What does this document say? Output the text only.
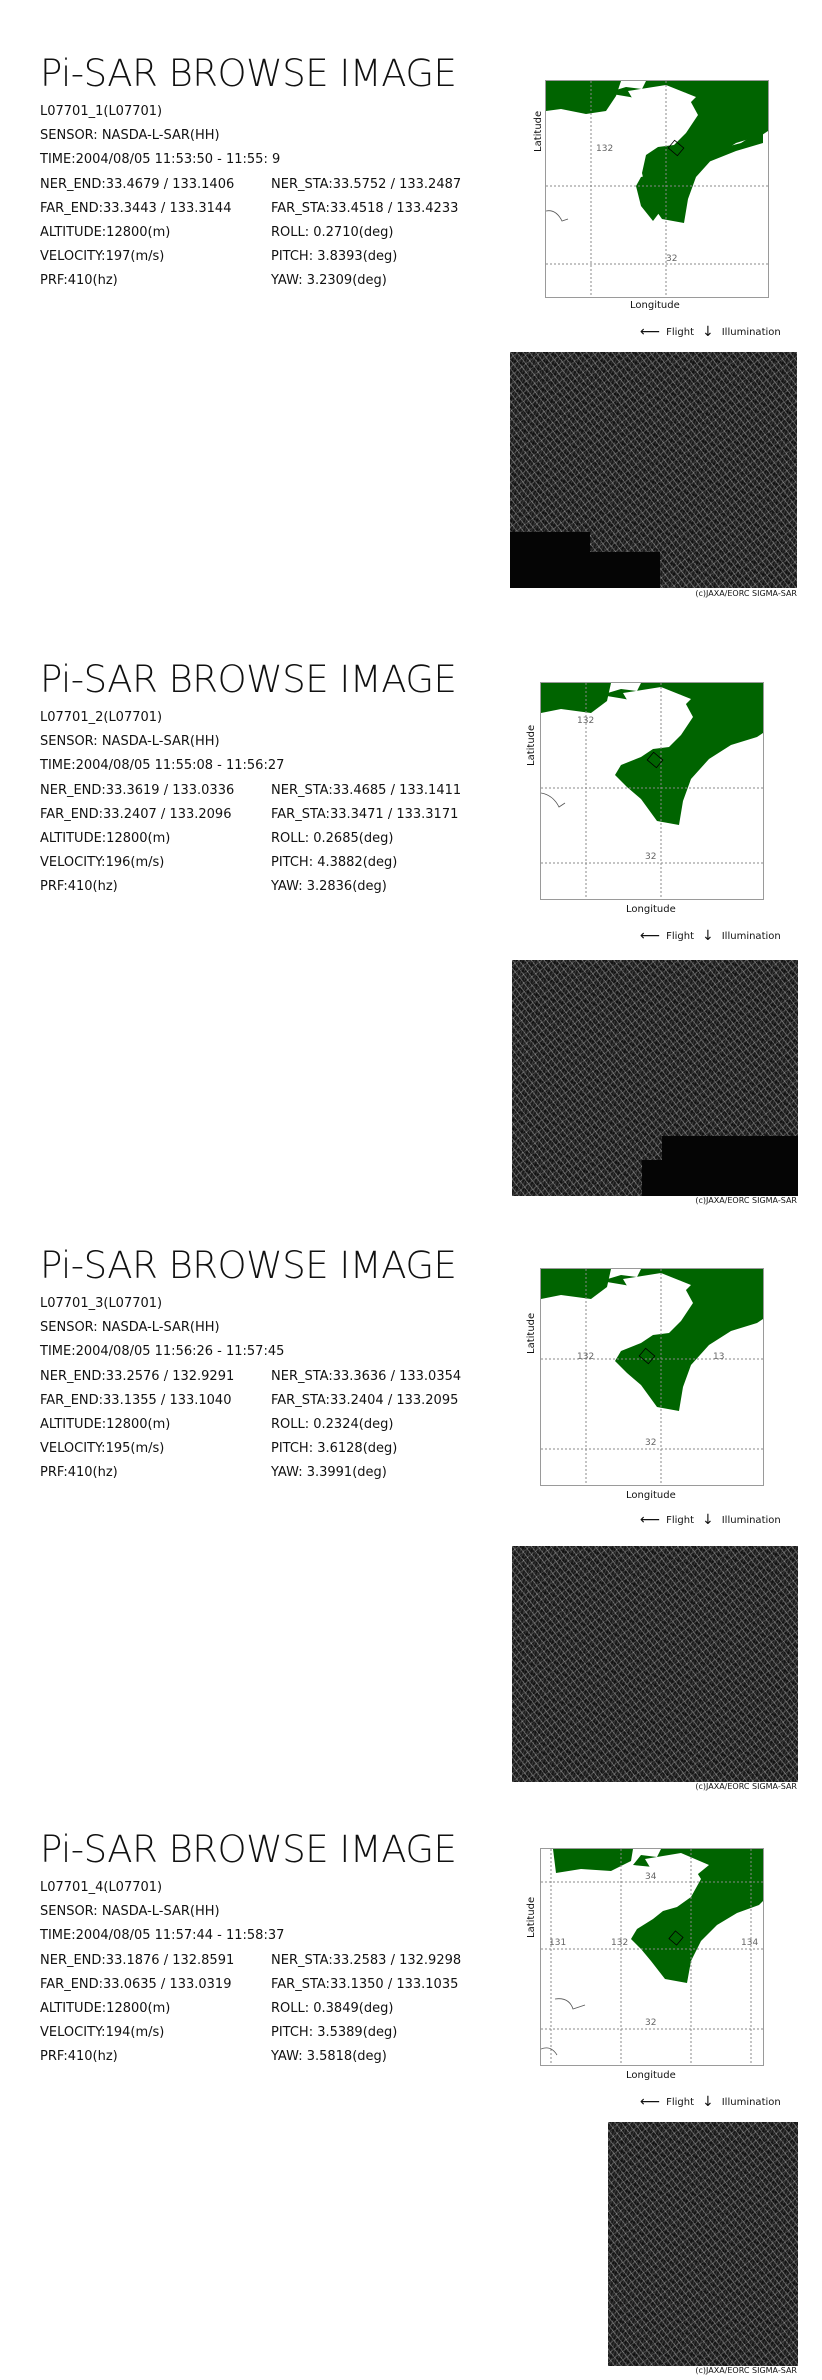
Pi-SAR BROWSE IMAGE
L07701_1(L07701)
SENSOR: NASDA-L-SAR(HH)
TIME:2004/08/05 11:53:50 - 11:55: 9
NER_END:33.4679 / 133.1406	NER_STA:33.5752 / 133.2487
FAR_END:33.3443 / 133.3144	FAR_STA:33.4518 / 133.4233
ALTITUDE:12800(m)	ROLL: 0.2710(deg)
VELOCITY:197(m/s)	PITCH: 3.8393(deg)
PRF:410(hz)	YAW: 3.2309(deg)
Latitude	132
32
Longitude
⟵ Flight ↓ Illumination
(c)JAXA/EORC SIGMA-SAR
Pi-SAR BROWSE IMAGE
L07701_2(L07701)
SENSOR: NASDA-L-SAR(HH)
TIME:2004/08/05 11:55:08 - 11:56:27
NER_END:33.3619 / 133.0336	NER_STA:33.4685 / 133.1411
FAR_END:33.2407 / 133.2096	FAR_STA:33.3471 / 133.3171
ALTITUDE:12800(m)	ROLL: 0.2685(deg)
VELOCITY:196(m/s)	PITCH: 4.3882(deg)
PRF:410(hz)	YAW: 3.2836(deg)
Latitude
132
32
Longitude
⟵ Flight ↓ Illumination
(c)JAXA/EORC SIGMA-SAR
Pi-SAR BROWSE IMAGE
L07701_3(L07701)
SENSOR: NASDA-L-SAR(HH)
TIME:2004/08/05 11:56:26 - 11:57:45
NER_END:33.2576 / 132.9291	NER_STA:33.3636 / 133.0354
FAR_END:33.1355 / 133.1040	FAR_STA:33.2404 / 133.2095
ALTITUDE:12800(m)	ROLL: 0.2324(deg)
VELOCITY:195(m/s)	PITCH: 3.6128(deg)
PRF:410(hz)	YAW: 3.3991(deg)
Latitude
132	13
32
Longitude
⟵ Flight ↓ Illumination
(c)JAXA/EORC SIGMA-SAR
Pi-SAR BROWSE IMAGE
L07701_4(L07701)
SENSOR: NASDA-L-SAR(HH)
TIME:2004/08/05 11:57:44 - 11:58:37
NER_END:33.1876 / 132.8591	NER_STA:33.2583 / 132.9298
FAR_END:33.0635 / 133.0319	FAR_STA:33.1350 / 133.1035
ALTITUDE:12800(m)	ROLL: 0.3849(deg)
VELOCITY:194(m/s)	PITCH: 3.5389(deg)
PRF:410(hz)	YAW: 3.5818(deg)
Latitude
34
131	132	134
32
Longitude
⟵ Flight ↓ Illumination
(c)JAXA/EORC SIGMA-SAR
